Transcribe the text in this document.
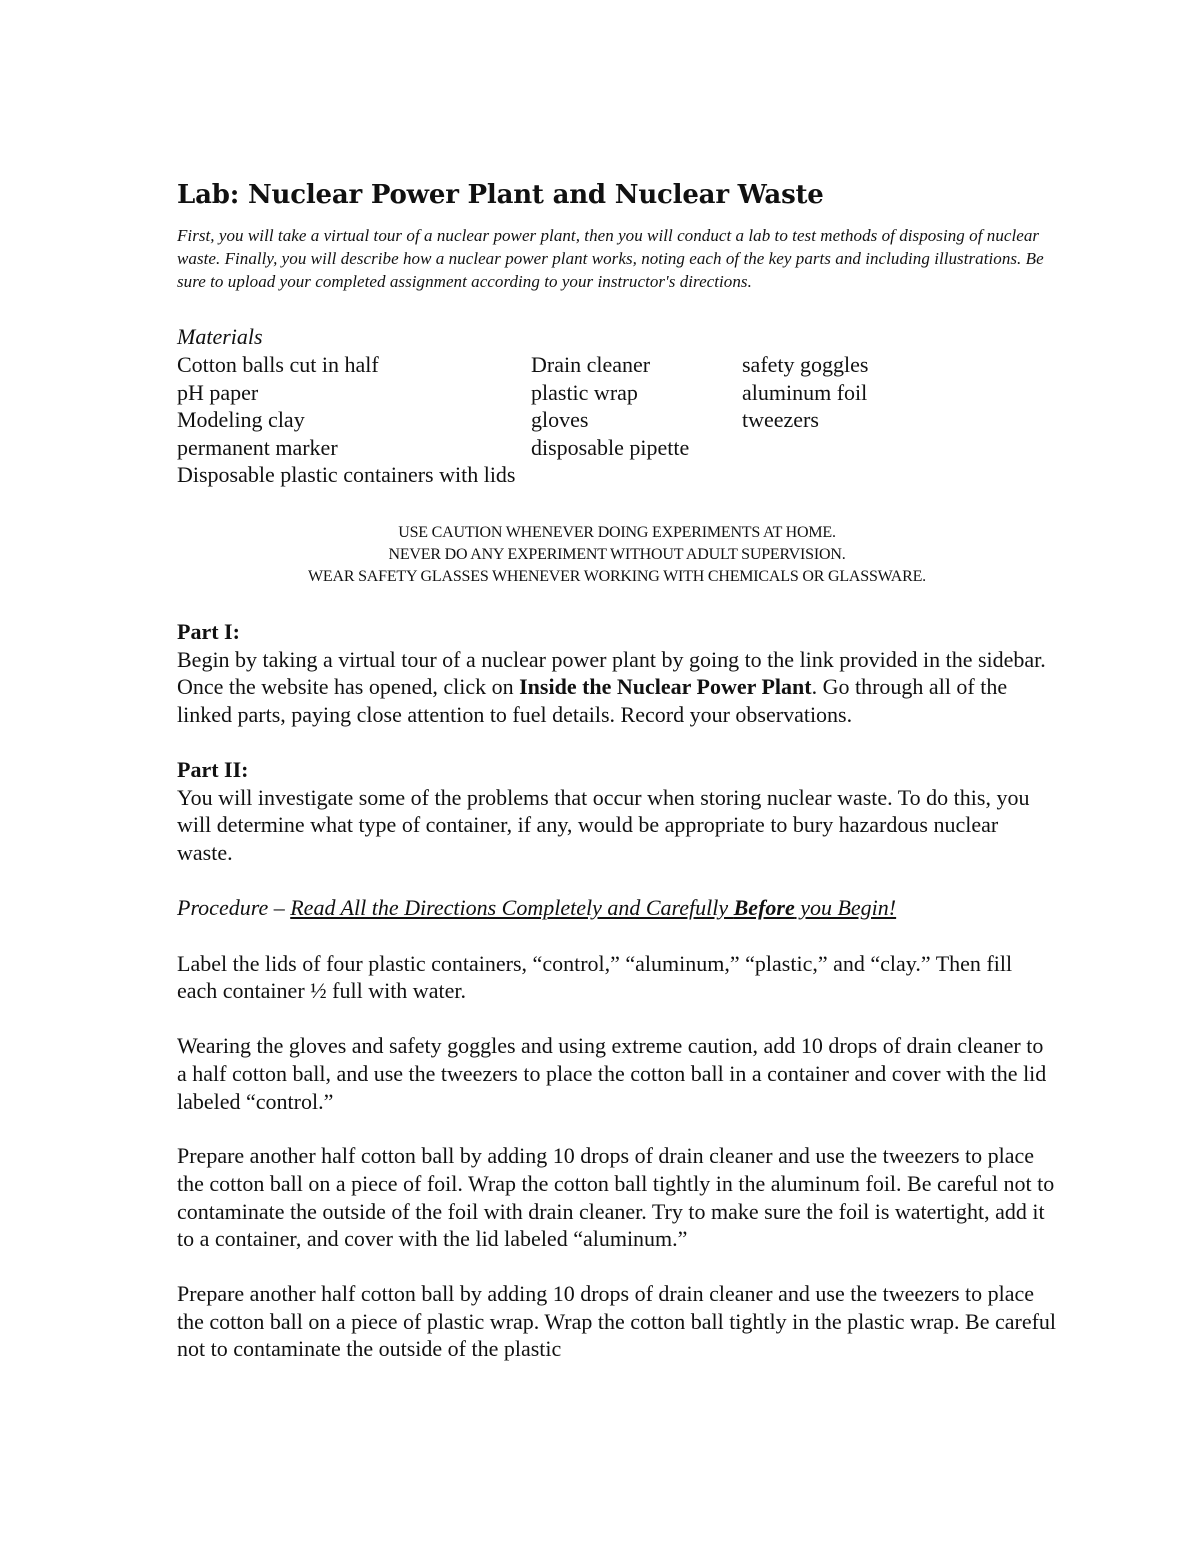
Lab: Nuclear Power Plant and Nuclear Waste

First, you will take a virtual tour of a nuclear power plant, then you will conduct a lab to test methods of disposing of nuclear waste. Finally, you will describe how a nuclear power plant works, noting each of the key parts and including illustrations. Be sure to upload your completed assignment according to your instructor's directions.

Materials
Cotton balls cut in half	Drain cleaner	safety goggles
pH paper	plastic wrap	aluminum foil
Modeling clay	gloves	tweezers
permanent marker	disposable pipette
Disposable plastic containers with lids
USE CAUTION WHENEVER DOING EXPERIMENTS AT HOME.
NEVER DO ANY EXPERIMENT WITHOUT ADULT SUPERVISION.
WEAR SAFETY GLASSES WHENEVER WORKING WITH CHEMICALS OR GLASSWARE.
Part I:

Begin by taking a virtual tour of a nuclear power plant by going to the link provided in the sidebar. Once the website has opened, click on Inside the Nuclear Power Plant. Go through all of the linked parts, paying close attention to fuel details. Record your observations.

Part II:

You will investigate some of the problems that occur when storing nuclear waste. To do this, you will determine what type of container, if any, would be appropriate to bury hazardous nuclear waste.

Procedure – Read All the Directions Completely and Carefully Before you Begin!

Label the lids of four plastic containers, “control,” “aluminum,” “plastic,” and “clay.” Then fill each container ½ full with water.

Wearing the gloves and safety goggles and using extreme caution, add 10 drops of drain cleaner to a half cotton ball, and use the tweezers to place the cotton ball in a container and cover with the lid labeled “control.”

Prepare another half cotton ball by adding 10 drops of drain cleaner and use the tweezers to place the cotton ball on a piece of foil. Wrap the cotton ball tightly in the aluminum foil. Be careful not to contaminate the outside of the foil with drain cleaner. Try to make sure the foil is watertight, add it to a container, and cover with the lid labeled “aluminum.”

Prepare another half cotton ball by adding 10 drops of drain cleaner and use the tweezers to place the cotton ball on a piece of plastic wrap. Wrap the cotton ball tightly in the plastic wrap. Be careful not to contaminate the outside of the plastic
